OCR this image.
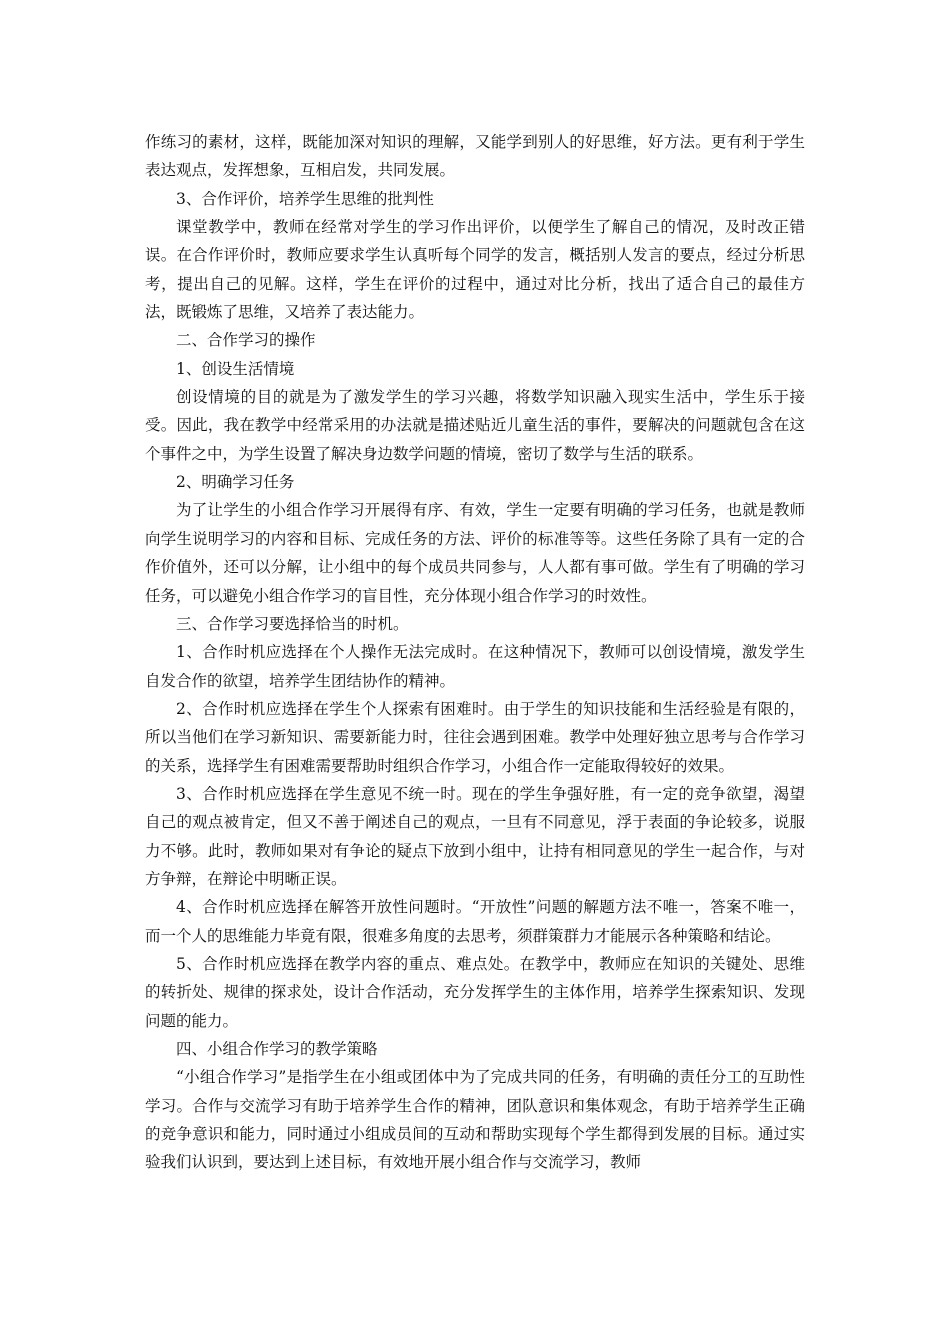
作练习的素材，这样，既能加深对知识的理解，又能学到别人的好思维，好方法。更有利于学生表达观点，发挥想象，互相启发，共同发展。

3、合作评价，培养学生思维的批判性

课堂教学中，教师在经常对学生的学习作出评价，以便学生了解自己的情况，及时改正错误。在合作评价时，教师应要求学生认真听每个同学的发言，概括别人发言的要点，经过分析思考，提出自己的见解。这样，学生在评价的过程中，通过对比分析，找出了适合自己的最佳方法，既锻炼了思维，又培养了表达能力。

二、合作学习的操作

1、创设生活情境

创设情境的目的就是为了激发学生的学习兴趣，将数学知识融入现实生活中，学生乐于接受。因此，我在教学中经常采用的办法就是描述贴近儿童生活的事件，要解决的问题就包含在这个事件之中，为学生设置了解决身边数学问题的情境，密切了数学与生活的联系。

2、明确学习任务

为了让学生的小组合作学习开展得有序、有效，学生一定要有明确的学习任务，也就是教师向学生说明学习的内容和目标、完成任务的方法、评价的标准等等。这些任务除了具有一定的合作价值外，还可以分解，让小组中的每个成员共同参与，人人都有事可做。学生有了明确的学习任务，可以避免小组合作学习的盲目性，充分体现小组合作学习的时效性。

三、合作学习要选择恰当的时机。

1、合作时机应选择在个人操作无法完成时。在这种情况下，教师可以创设情境，激发学生自发合作的欲望，培养学生团结协作的精神。

2、合作时机应选择在学生个人探索有困难时。由于学生的知识技能和生活经验是有限的，所以当他们在学习新知识、需要新能力时，往往会遇到困难。教学中处理好独立思考与合作学习的关系，选择学生有困难需要帮助时组织合作学习，小组合作一定能取得较好的效果。

3、合作时机应选择在学生意见不统一时。现在的学生争强好胜，有一定的竞争欲望，渴望自己的观点被肯定，但又不善于阐述自己的观点，一旦有不同意见，浮于表面的争论较多，说服力不够。此时，教师如果对有争论的疑点下放到小组中，让持有相同意见的学生一起合作，与对方争辩，在辩论中明晰正误。

4、合作时机应选择在解答开放性问题时。“开放性”问题的解题方法不唯一，答案不唯一，而一个人的思维能力毕竟有限，很难多角度的去思考，须群策群力才能展示各种策略和结论。

5、合作时机应选择在教学内容的重点、难点处。在教学中，教师应在知识的关键处、思维的转折处、规律的探求处，设计合作活动，充分发挥学生的主体作用，培养学生探索知识、发现问题的能力。

四、小组合作学习的教学策略

“小组合作学习”是指学生在小组或团体中为了完成共同的任务，有明确的责任分工的互助性学习。合作与交流学习有助于培养学生合作的精神，团队意识和集体观念，有助于培养学生正确的竞争意识和能力，同时通过小组成员间的互动和帮助实现每个学生都得到发展的目标。通过实验我们认识到，要达到上述目标，有效地开展小组合作与交流学习，教师
